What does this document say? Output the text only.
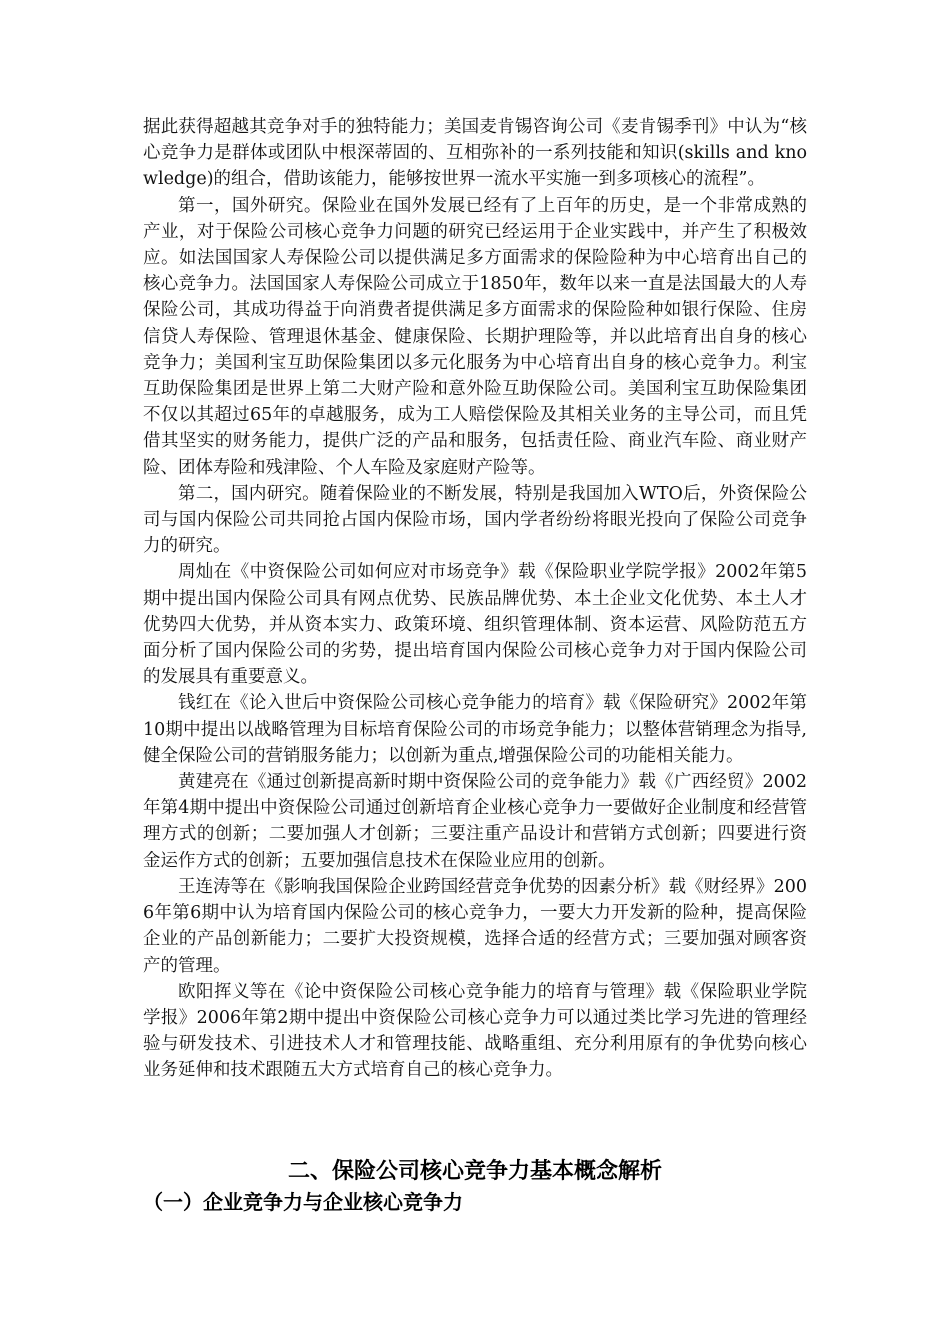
据此获得超越其竞争对手的独特能力；美国麦肯锡咨询公司《麦肯锡季刊》中认为“核心竞争力是群体或团队中根深蒂固的、互相弥补的一系列技能和知识(skills and knowledge)的组合，借助该能力，能够按世界一流水平实施一到多项核心的流程”。

第一，国外研究。保险业在国外发展已经有了上百年的历史，是一个非常成熟的产业，对于保险公司核心竞争力问题的研究已经运用于企业实践中，并产生了积极效应。如法国国家人寿保险公司以提供满足多方面需求的保险险种为中心培育出自己的核心竞争力。法国国家人寿保险公司成立于1850年，数年以来一直是法国最大的人寿保险公司，其成功得益于向消费者提供满足多方面需求的保险险种如银行保险、住房信贷人寿保险、管理退休基金、健康保险、长期护理险等，并以此培育出自身的核心竞争力；美国利宝互助保险集团以多元化服务为中心培育出自身的核心竞争力。利宝互助保险集团是世界上第二大财产险和意外险互助保险公司。美国利宝互助保险集团不仅以其超过65年的卓越服务，成为工人赔偿保险及其相关业务的主导公司，而且凭借其坚实的财务能力，提供广泛的产品和服务，包括责任险、商业汽车险、商业财产险、团体寿险和残津险、个人车险及家庭财产险等。

第二，国内研究。随着保险业的不断发展，特别是我国加入WTO后，外资保险公司与国内保险公司共同抢占国内保险市场，国内学者纷纷将眼光投向了保险公司竞争力的研究。

周灿在《中资保险公司如何应对市场竞争》载《保险职业学院学报》2002年第5期中提出国内保险公司具有网点优势、民族品牌优势、本土企业文化优势、本土人才优势四大优势，并从资本实力、政策环境、组织管理体制、资本运营、风险防范五方面分析了国内保险公司的劣势，提出培育国内保险公司核心竞争力对于国内保险公司的发展具有重要意义。

钱红在《论入世后中资保险公司核心竞争能力的培育》载《保险研究》2002年第10期中提出以战略管理为目标培育保险公司的市场竞争能力；以整体营销理念为指导,健全保险公司的营销服务能力；以创新为重点,增强保险公司的功能相关能力。

黄建亮在《通过创新提高新时期中资保险公司的竞争能力》载《广西经贸》2002年第4期中提出中资保险公司通过创新培育企业核心竞争力一要做好企业制度和经营管理方式的创新；二要加强人才创新；三要注重产品设计和营销方式创新；四要进行资金运作方式的创新；五要加强信息技术在保险业应用的创新。

王连涛等在《影响我国保险企业跨国经营竞争优势的因素分析》载《财经界》2006年第6期中认为培育国内保险公司的核心竞争力，一要大力开发新的险种，提高保险企业的产品创新能力；二要扩大投资规模，选择合适的经营方式；三要加强对顾客资产的管理。

欧阳挥义等在《论中资保险公司核心竞争能力的培育与管理》载《保险职业学院学报》2006年第2期中提出中资保险公司核心竞争力可以通过类比学习先进的管理经验与研发技术、引进技术人才和管理技能、战略重组、充分利用原有的争优势向核心业务延伸和技术跟随五大方式培育自己的核心竞争力。

二、保险公司核心竞争力基本概念解析
（一）企业竞争力与企业核心竞争力
